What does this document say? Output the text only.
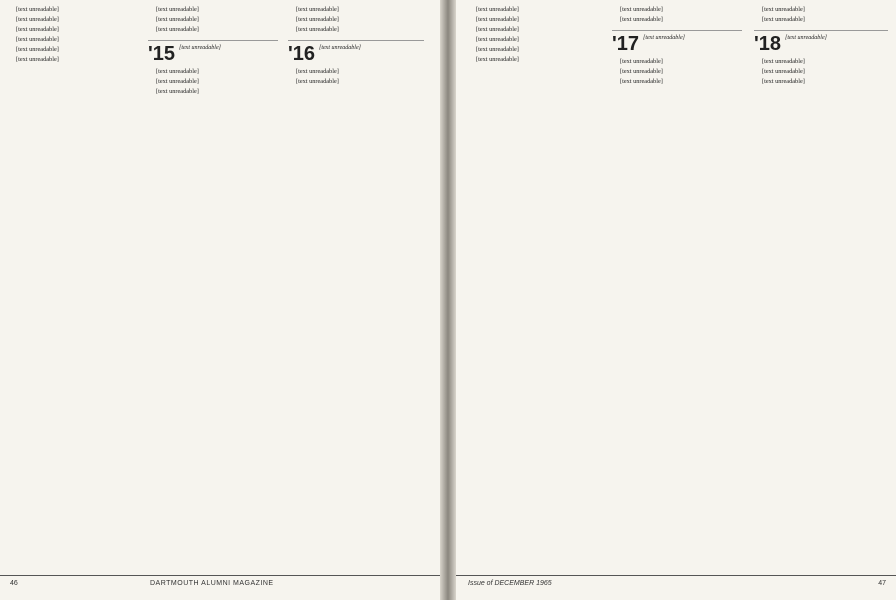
[text unreadable]

[text unreadable]

[text unreadable]

[text unreadable]

[text unreadable]

[text unreadable]

[text unreadable]

[text unreadable]

[text unreadable]

'15 [text unreadable]

[text unreadable]

[text unreadable]

[text unreadable]

[text unreadable]

[text unreadable]

[text unreadable]

'16 [text unreadable]

[text unreadable]

[text unreadable]

46	DARTMOUTH ALUMNI MAGAZINE

[text unreadable]

[text unreadable]

[text unreadable]

[text unreadable]

[text unreadable]

[text unreadable]

[text unreadable]

[text unreadable]

'17 [text unreadable]

[text unreadable]

[text unreadable]

[text unreadable]

[text unreadable]

[text unreadable]

'18 [text unreadable]

[text unreadable]

[text unreadable]

[text unreadable]

Issue of DECEMBER 1965	47
